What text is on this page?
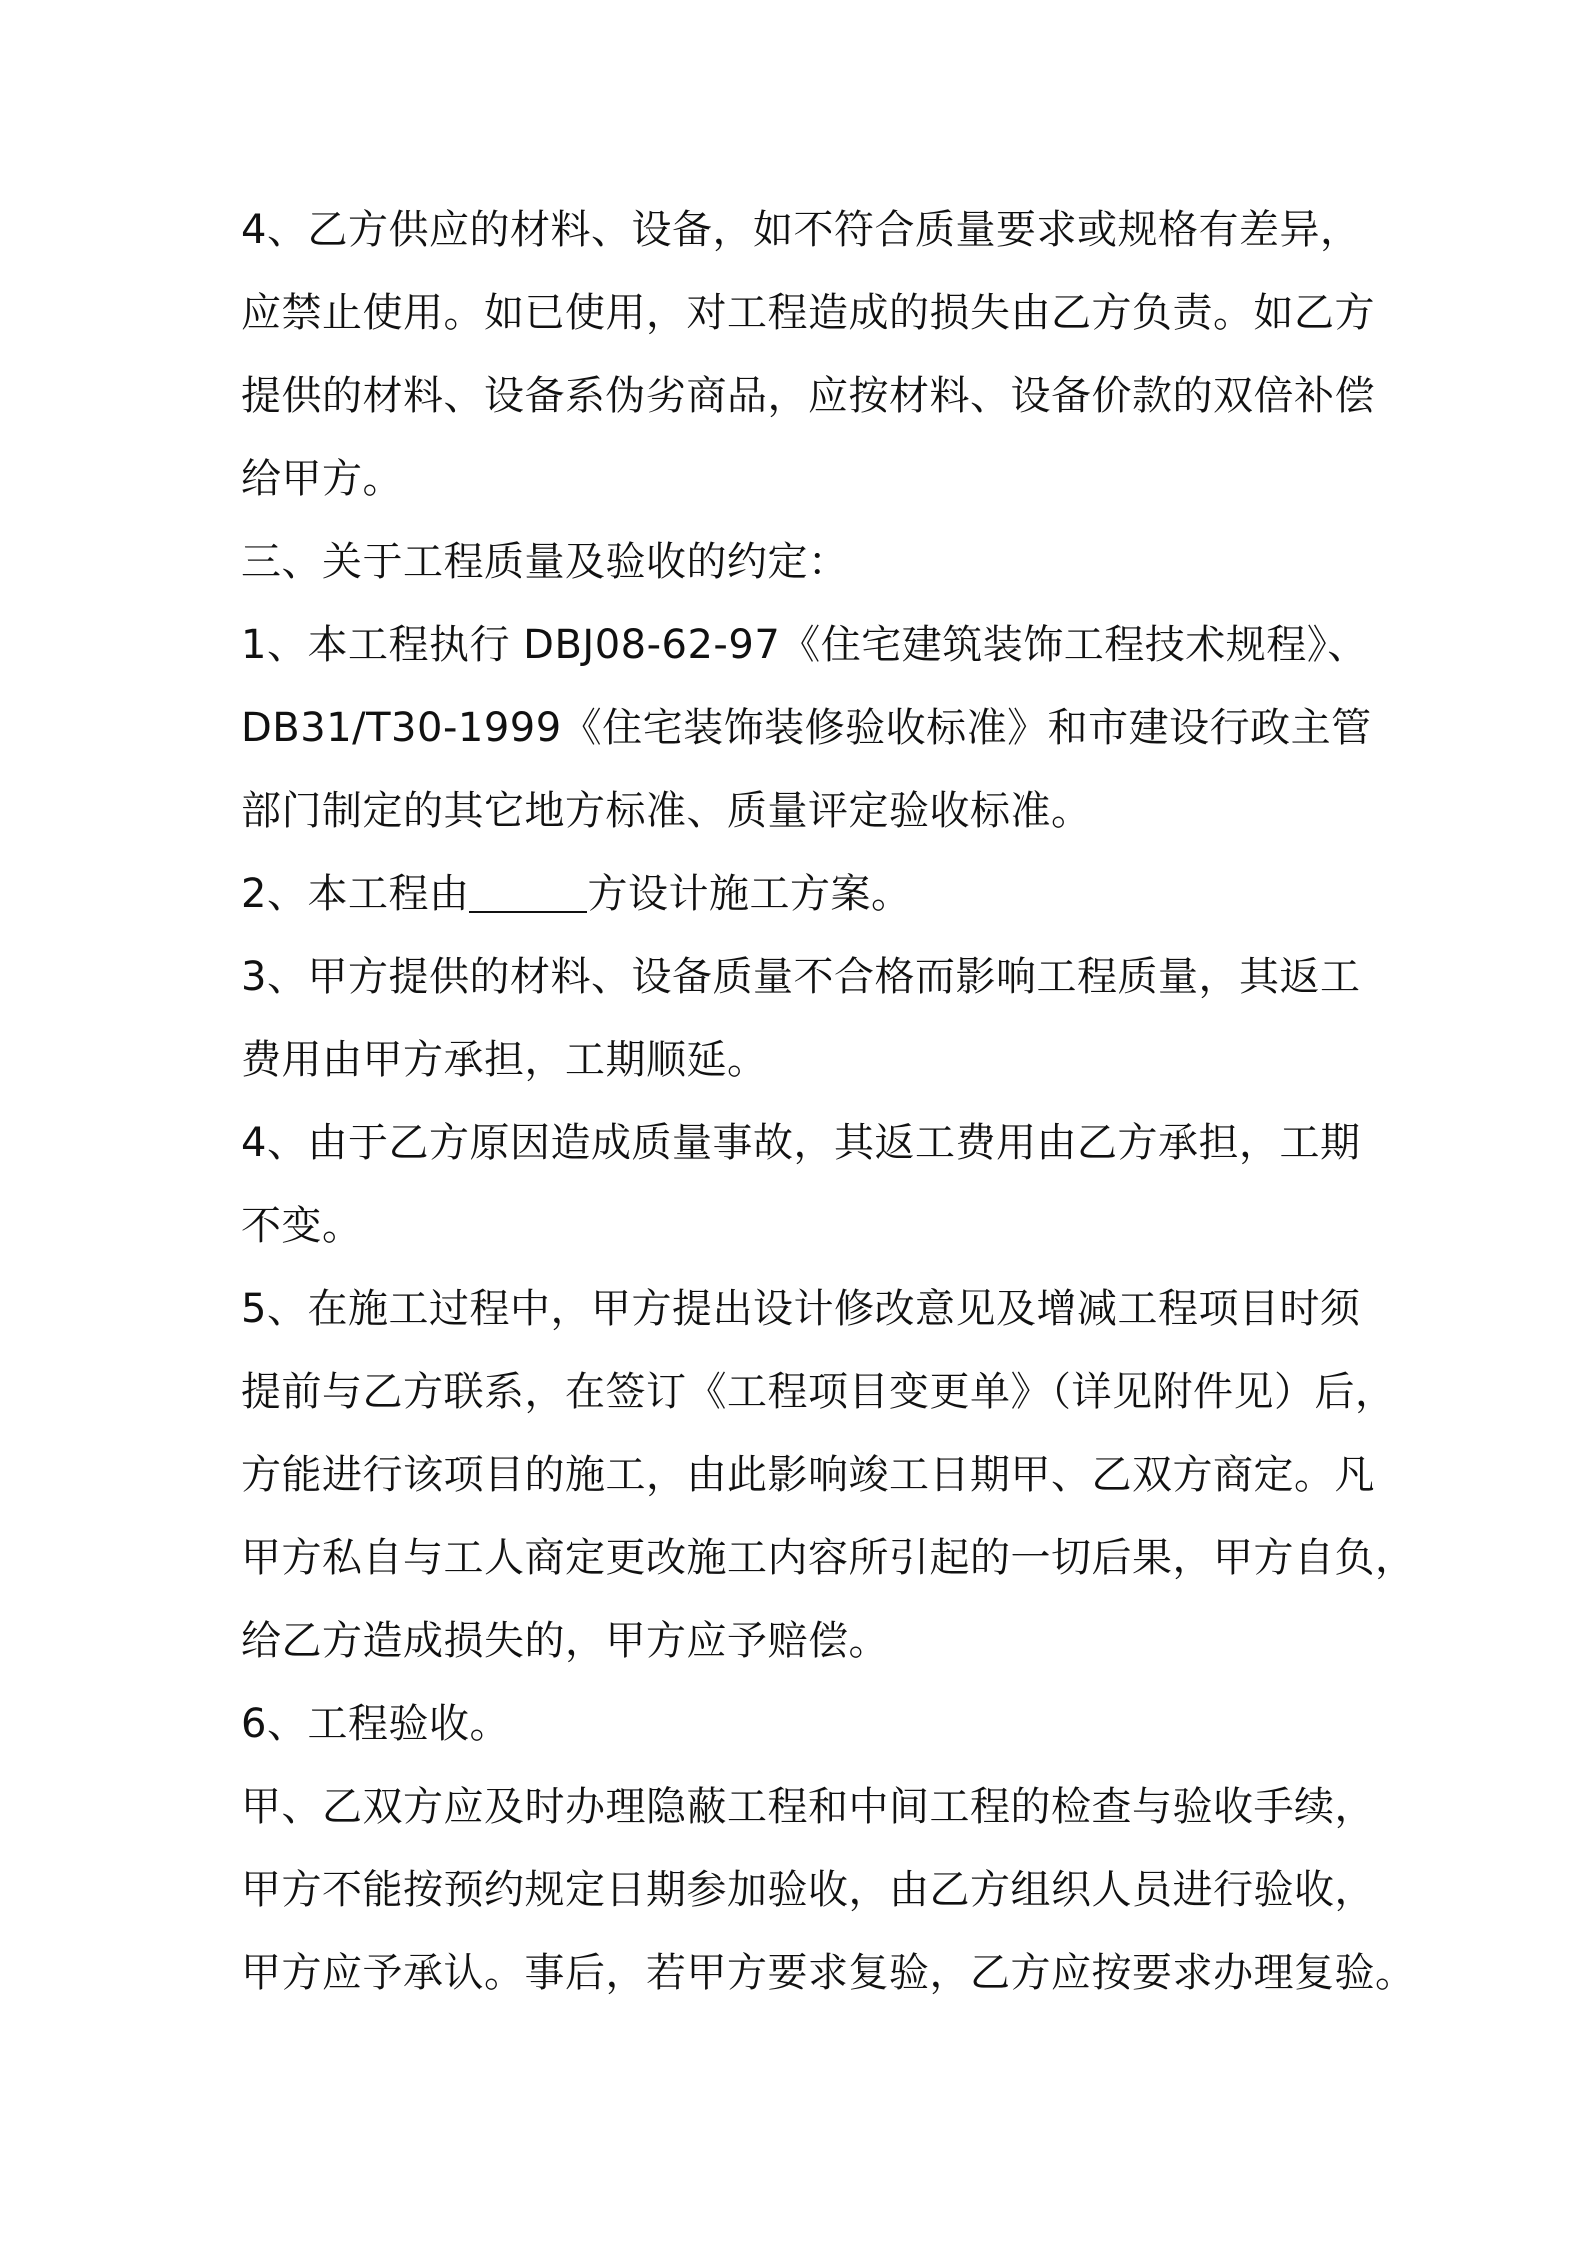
4、乙方供应的材料、设备，如不符合质量要求或规格有差异，
应禁止使用。如已使用，对工程造成的损失由乙方负责。如乙方
提供的材料、设备系伪劣商品，应按材料、设备价款的双倍补偿
给甲方。
三、关于工程质量及验收的约定：
1、本工程执行 DBJ08-62-97《住宅建筑装饰工程技术规程》、
DB31/T30-1999《住宅装饰装修验收标准》和市建设行政主管
部门制定的其它地方标准、质量评定验收标准。
2、本工程由	方设计施工方案。
3、甲方提供的材料、设备质量不合格而影响工程质量，其返工
费用由甲方承担，工期顺延。
4、由于乙方原因造成质量事故，其返工费用由乙方承担，工期
不变。
5、在施工过程中，甲方提出设计修改意见及增减工程项目时须
提前与乙方联系，在签订《工程项目变更单》（详见附件见）后，
方能进行该项目的施工，由此影响竣工日期甲、乙双方商定。凡
甲方私自与工人商定更改施工内容所引起的一切后果，甲方自负，
给乙方造成损失的，甲方应予赔偿。
6、工程验收。
甲、乙双方应及时办理隐蔽工程和中间工程的检查与验收手续，
甲方不能按预约规定日期参加验收，由乙方组织人员进行验收，
甲方应予承认。事后，若甲方要求复验，乙方应按要求办理复验。
